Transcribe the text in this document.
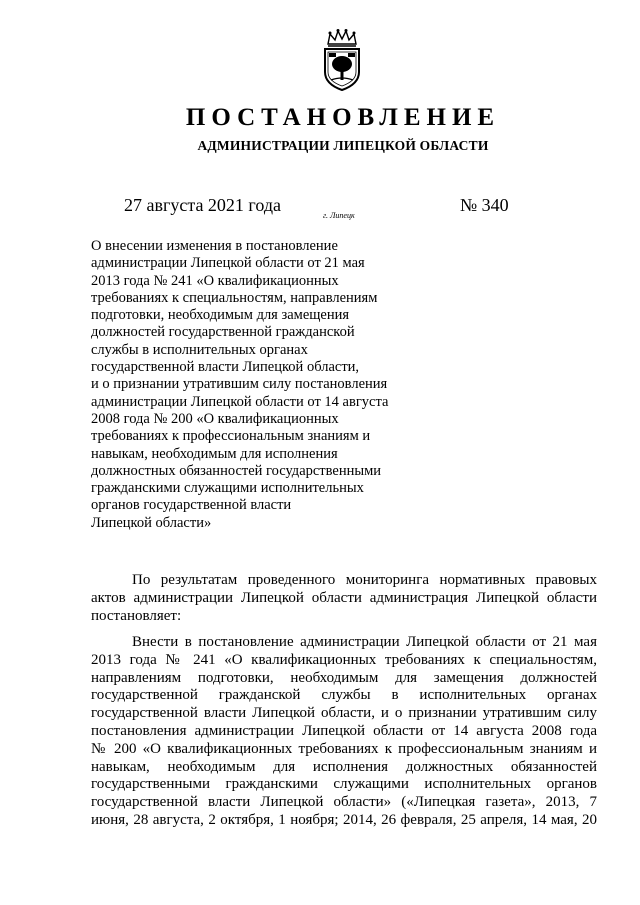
ПОСТАНОВЛЕНИЕ
АДМИНИСТРАЦИИ ЛИПЕЦКОЙ ОБЛАСТИ
27 августа 2021 года
г. Липецк
№ 340
О внесении изменения в постановление
администрации Липецкой области от 21 мая
2013 года № 241 «О квалификационных
требованиях к специальностям, направлениям
подготовки, необходимым для замещения
должностей государственной гражданской
службы в исполнительных органах
государственной власти Липецкой области,
и о признании утратившим силу постановления
администрации Липецкой области от 14 августа
2008 года № 200 «О квалификационных
требованиях к профессиональным знаниям и
навыкам, необходимым для исполнения
должностных обязанностей государственными
гражданскими служащими исполнительных
органов государственной власти
Липецкой области»
По результатам проведенного мониторинга нормативных правовых
актов администрации Липецкой области администрация Липецкой области
постановляет:
Внести в постановление администрации Липецкой области от 21 мая
2013 года № 241 «О квалификационных требованиях к специальностям,
направлениям подготовки, необходимым для замещения должностей
государственной гражданской службы в исполнительных органах
государственной власти Липецкой области, и о признании утратившим силу
постановления администрации Липецкой области от 14 августа 2008 года
№ 200 «О квалификационных требованиях к профессиональным знаниям и
навыкам, необходимым для исполнения должностных обязанностей
государственными гражданскими служащими исполнительных органов
государственной власти Липецкой области» («Липецкая газета», 2013, 7
июня, 28 августа, 2 октября, 1 ноября; 2014, 26 февраля, 25 апреля, 14 мая, 20
